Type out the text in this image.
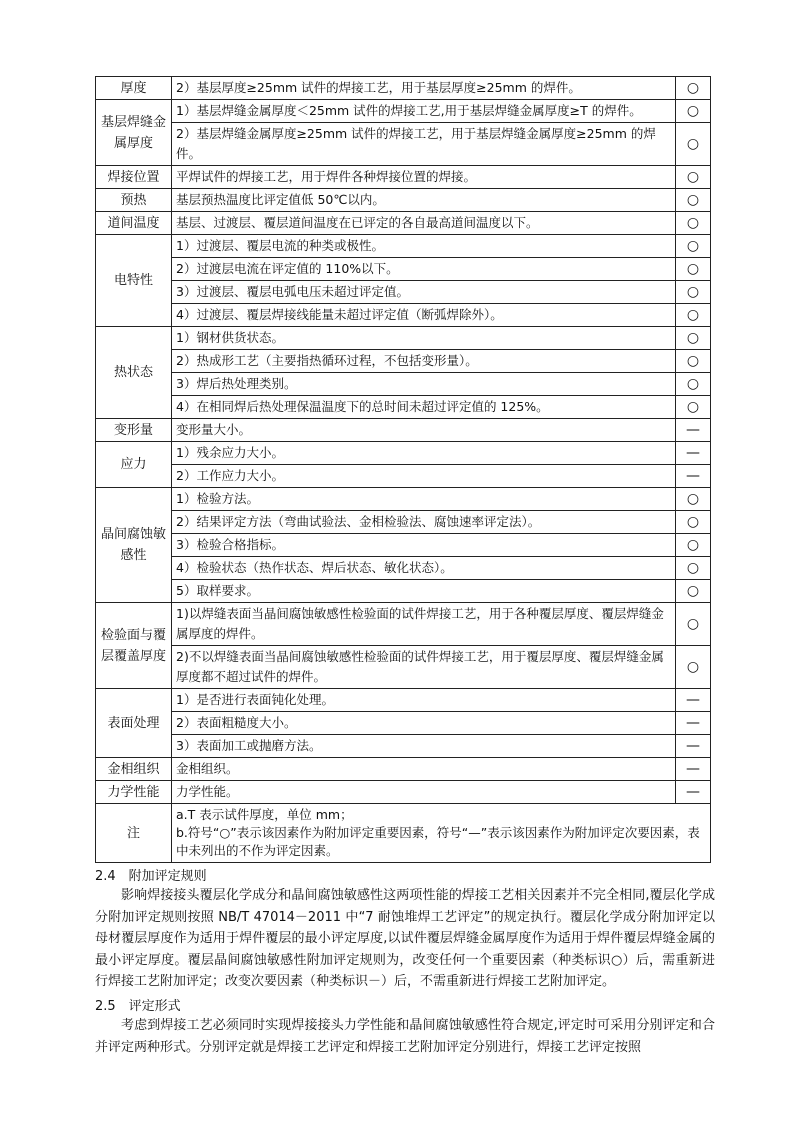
厚度	2）基层厚度≥25mm 试件的焊接工艺，用于基层厚度≥25mm 的焊件。	○
基层焊缝金属厚度	1）基层焊缝金属厚度＜25mm 试件的焊接工艺,用于基层焊缝金属厚度≥T 的焊件。	○
	2）基层焊缝金属厚度≥25mm 试件的焊接工艺，用于基层焊缝金属厚度≥25mm 的焊件。	○
焊接位置	平焊试件的焊接工艺，用于焊件各种焊接位置的焊接。	○
预热	基层预热温度比评定值低 50℃以内。	○
道间温度	基层、过渡层、覆层道间温度在已评定的各自最高道间温度以下。	○
电特性	1）过渡层、覆层电流的种类或极性。	○
	2）过渡层电流在评定值的 110%以下。	○
	3）过渡层、覆层电弧电压未超过评定值。	○
	4）过渡层、覆层焊接线能量未超过评定值（断弧焊除外）。	○
热状态	1）钢材供货状态。	○
	2）热成形工艺（主要指热循环过程，不包括变形量）。	○
	3）焊后热处理类别。	○
	4）在相同焊后热处理保温温度下的总时间未超过评定值的 125%。	○
变形量	变形量大小。	—
应力	1）残余应力大小。	—
	2）工作应力大小。	—
晶间腐蚀敏感性	1）检验方法。	○
	2）结果评定方法（弯曲试验法、金相检验法、腐蚀速率评定法）。	○
	3）检验合格指标。	○
	4）检验状态（热作状态、焊后状态、敏化状态）。	○
	5）取样要求。	○
检验面与覆层覆盖厚度	1)以焊缝表面当晶间腐蚀敏感性检验面的试件焊接工艺，用于各种覆层厚度、覆层焊缝金属厚度的焊件。	○
	2)不以焊缝表面当晶间腐蚀敏感性检验面的试件焊接工艺，用于覆层厚度、覆层焊缝金属厚度都不超过试件的焊件。	○
表面处理	1）是否进行表面钝化处理。	—
	2）表面粗糙度大小。	—
	3）表面加工或抛磨方法。	—
金相组织	金相组织。	—
力学性能	力学性能。	—
注	a.T 表示试件厚度，单位 mm；
b.符号“○”表示该因素作为附加评定重要因素，符号“—”表示该因素作为附加评定次要因素，表中未列出的不作为评定因素。	
2.4　附加评定规则

影响焊接接头覆层化学成分和晶间腐蚀敏感性这两项性能的焊接工艺相关因素并不完全相同,覆层化学成分附加评定规则按照 NB/T 47014－2011 中“7 耐蚀堆焊工艺评定”的规定执行。覆层化学成分附加评定以母材覆层厚度作为适用于焊件覆层的最小评定厚度,以试件覆层焊缝金属厚度作为适用于焊件覆层焊缝金属的最小评定厚度。覆层晶间腐蚀敏感性附加评定规则为，改变任何一个重要因素（种类标识○）后，需重新进行焊接工艺附加评定；改变次要因素（种类标识－）后，不需重新进行焊接工艺附加评定。

2.5　评定形式

考虑到焊接工艺必须同时实现焊接接头力学性能和晶间腐蚀敏感性符合规定,评定时可采用分别评定和合并评定两种形式。分别评定就是焊接工艺评定和焊接工艺附加评定分别进行，焊接工艺评定按照
